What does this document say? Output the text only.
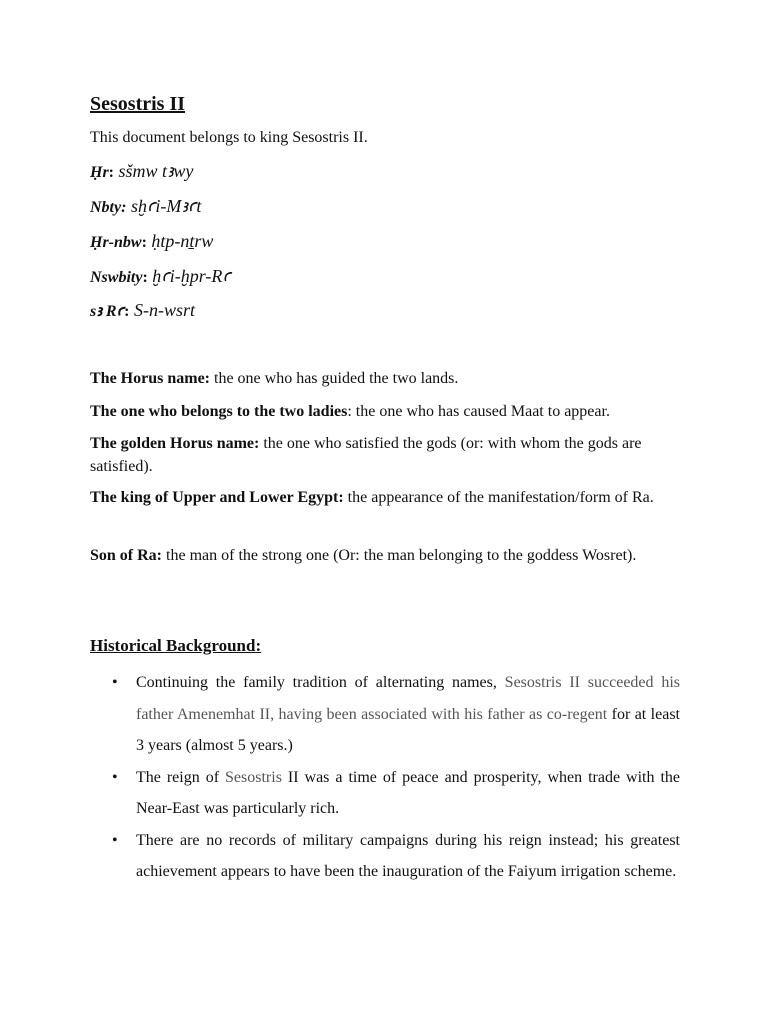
Sesostris II
This document belongs to king Sesostris II.
Ḥr: sšmw tꜣwy
Nbty: sḫꜥi-Mꜣꜥt
Ḥr-nbw: ḥtp-nṯrw
Nswbity: ḫꜥi-ḫpr-Rꜥ
sꜣ Rꜥ: S-n-wsrt
The Horus name: the one who has guided the two lands.
The one who belongs to the two ladies: the one who has caused Maat to appear.
The golden Horus name: the one who satisfied the gods (or: with whom the gods are satisfied).
The king of Upper and Lower Egypt: the appearance of the manifestation/form of Ra.
Son of Ra: the man of the strong one (Or: the man belonging to the goddess Wosret).
Historical Background:
• Continuing the family tradition of alternating names, Sesostris II succeeded his father Amenemhat II, having been associated with his father as co-regent for at least 3 years (almost 5 years.)
• The reign of Sesostris II was a time of peace and prosperity, when trade with the Near-East was particularly rich.
• There are no records of military campaigns during his reign instead; his greatest achievement appears to have been the inauguration of the Faiyum irrigation scheme.
